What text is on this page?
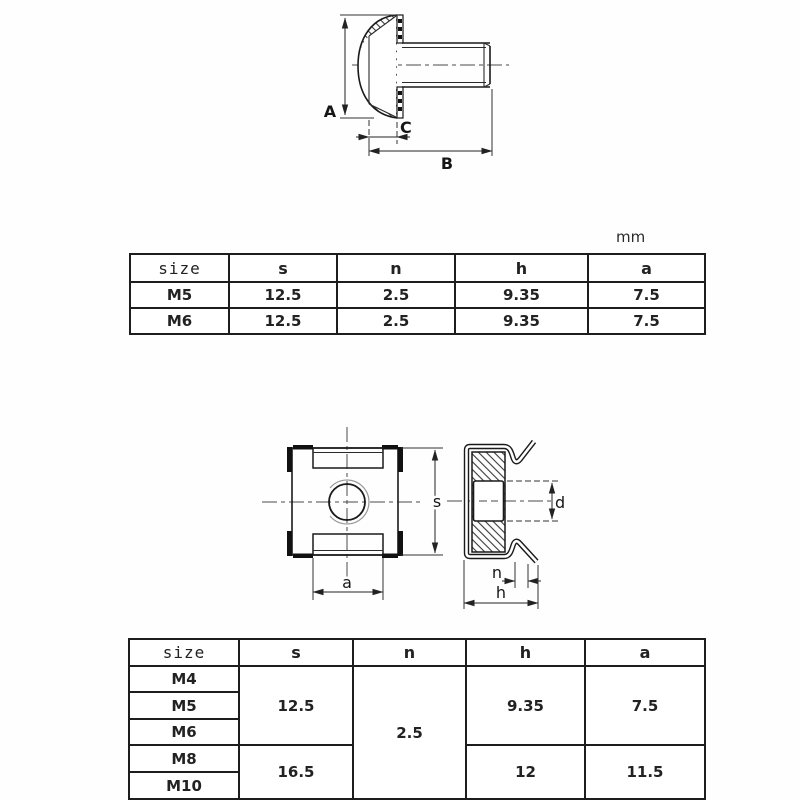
A
C
B
a
s	d
n
h
mm
size	s	n	h	a
M5	12.5	2.5	9.35	7.5
M6	12.5	2.5	9.35	7.5
size	s	n	h	a
M4	12.5	2.5	9.35	7.5
M5				
M6				
M8	16.5		12	11.5
M10				
